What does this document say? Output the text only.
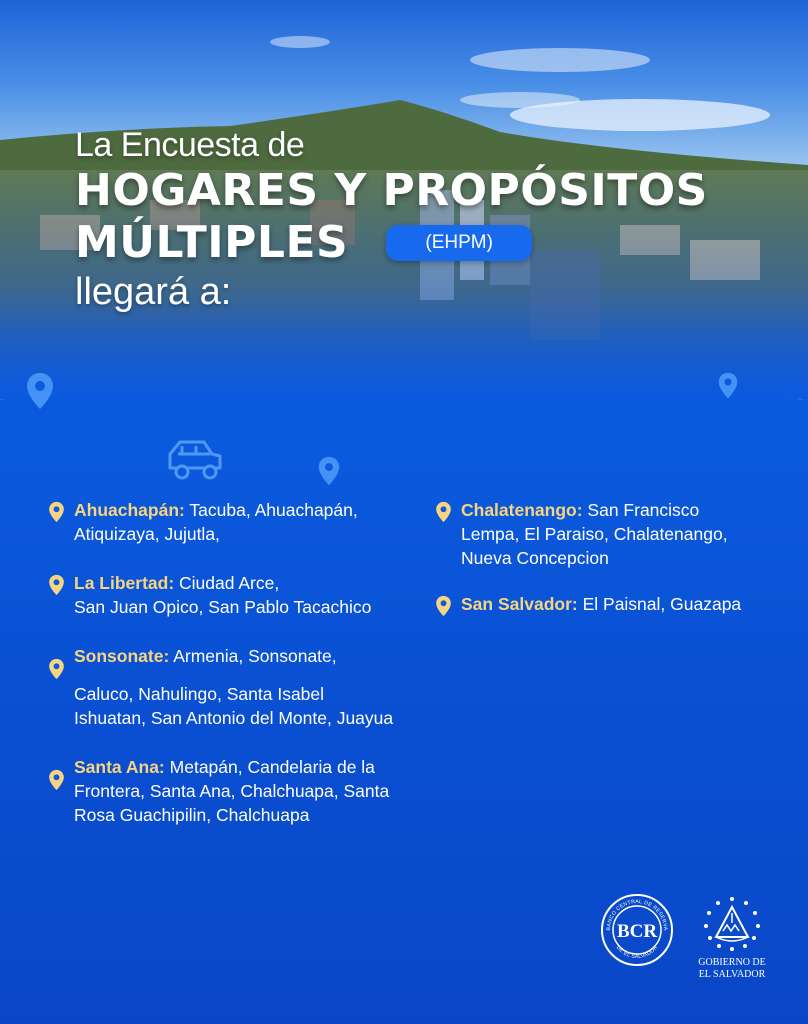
La Encuesta de
HOGARES Y PROPÓSITOS
MÚLTIPLES	(EHPM)
llegará a:

Ahuachapán: Tacuba, Ahuachapán,

Atiquizaya, Jujutla,

La Libertad: Ciudad Arce,

San Juan Opico, San Pablo Tacachico

Sonsonate: Armenia, Sonsonate,

Caluco, Nahulingo, Santa Isabel

Ishuatan, San Antonio del Monte, Juayua

Santa Ana: Metapán, Candelaria de la

Frontera, Santa Ana, Chalchuapa, Santa

Rosa Guachipilin, Chalchuapa

Chalatenango: San Francisco

Lempa, El Paraiso, Chalatenango,

Nueva Concepcion

San Salvador: El Paisnal, Guazapa

BANCO CENTRAL DE RESERVA
DE EL SALVADOR
BCR
GOBIERNO DE
EL SALVADOR
